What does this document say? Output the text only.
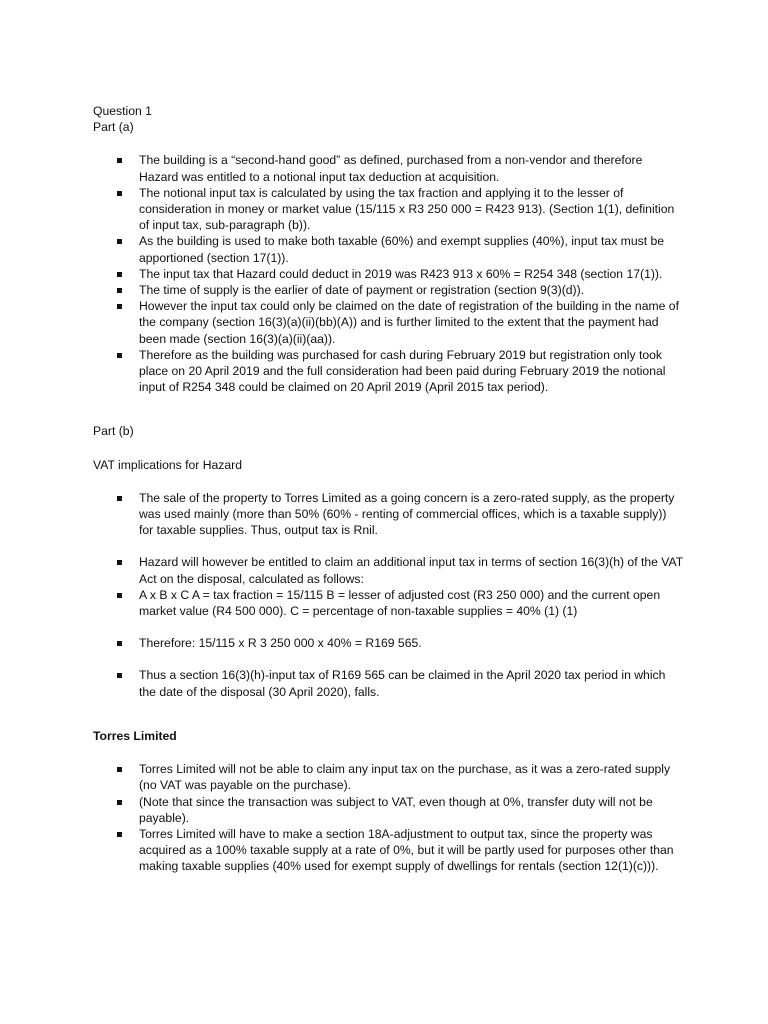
Question 1

Part (a)

The building is a “second-hand good” as defined, purchased from a non-vendor and therefore Hazard was entitled to a notional input tax deduction at acquisition.
The notional input tax is calculated by using the tax fraction and applying it to the lesser of consideration in money or market value (15/115 x R3 250 000 = R423 913). (Section 1(1), definition of input tax, sub-paragraph (b)).
As the building is used to make both taxable (60%) and exempt supplies (40%), input tax must be apportioned (section 17(1)).
The input tax that Hazard could deduct in 2019 was R423 913 x 60% = R254 348 (section 17(1)).
The time of supply is the earlier of date of payment or registration (section 9(3)(d)).
However the input tax could only be claimed on the date of registration of the building in the name of the company (section 16(3)(a)(ii)(bb)(A)) and is further limited to the extent that the payment had been made (section 16(3)(a)(ii)(aa)).
Therefore as the building was purchased for cash during February 2019 but registration only took place on 20 April 2019 and the full consideration had been paid during February 2019 the notional input of R254 348 could be claimed on 20 April 2019 (April 2015 tax period).

Part (b)

VAT implications for Hazard

The sale of the property to Torres Limited as a going concern is a zero-rated supply, as the property was used mainly (more than 50% (60% - renting of commercial offices, which is a taxable supply)) for taxable supplies. Thus, output tax is Rnil.
Hazard will however be entitled to claim an additional input tax in terms of section 16(3)(h) of the VAT Act on the disposal, calculated as follows:
A x B x C A = tax fraction = 15/115 B = lesser of adjusted cost (R3 250 000) and the current open market value (R4 500 000). C = percentage of non-taxable supplies = 40% (1) (1)
Therefore: 15/115 x R 3 250 000 x 40% = R169 565.
Thus a section 16(3)(h)-input tax of R169 565 can be claimed in the April 2020 tax period in which the date of the disposal (30 April 2020), falls.

Torres Limited

Torres Limited will not be able to claim any input tax on the purchase, as it was a zero-rated supply (no VAT was payable on the purchase).
(Note that since the transaction was subject to VAT, even though at 0%, transfer duty will not be payable).
Torres Limited will have to make a section 18A-adjustment to output tax, since the property was acquired as a 100% taxable supply at a rate of 0%, but it will be partly used for purposes other than making taxable supplies (40% used for exempt supply of dwellings for rentals (section 12(1)(c))).
